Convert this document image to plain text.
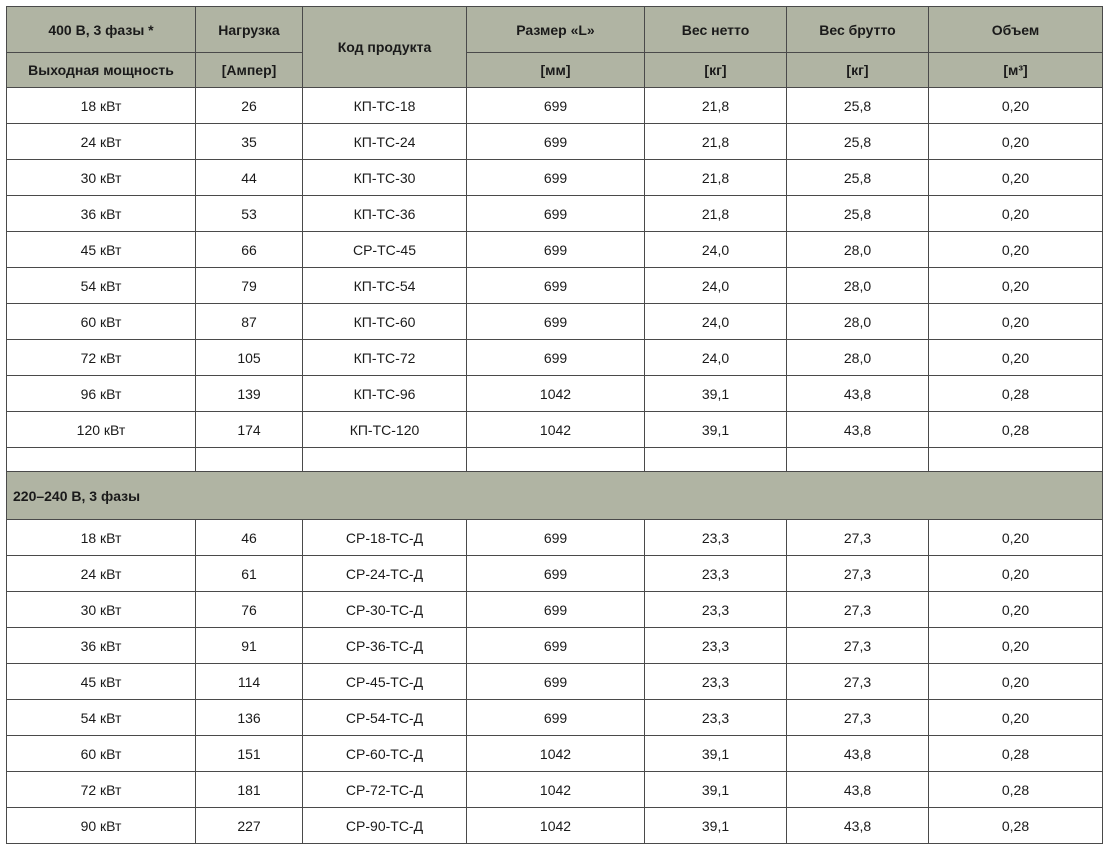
400 В, 3 фазы *	Нагрузка	Код продукта	Размер «L»	Вес нетто	Вес брутто	Объем
Выходная мощность	[Ампер]		[мм]	[кг]	[кг]	[м³]
18 кВт	26	КП-ТС-18	699	21,8	25,8	0,20
24 кВт	35	КП-ТС-24	699	21,8	25,8	0,20
30 кВт	44	КП-ТС-30	699	21,8	25,8	0,20
36 кВт	53	КП-ТС-36	699	21,8	25,8	0,20
45 кВт	66	СР-ТС-45	699	24,0	28,0	0,20
54 кВт	79	КП-ТС-54	699	24,0	28,0	0,20
60 кВт	87	КП-ТС-60	699	24,0	28,0	0,20
72 кВт	105	КП-ТС-72	699	24,0	28,0	0,20
96 кВт	139	КП-ТС-96	1042	39,1	43,8	0,28
120 кВт	174	КП-ТС-120	1042	39,1	43,8	0,28

220–240 В, 3 фазы						
18 кВт	46	СР-18-ТС-Д	699	23,3	27,3	0,20
24 кВт	61	СР-24-ТС-Д	699	23,3	27,3	0,20
30 кВт	76	СР-30-ТС-Д	699	23,3	27,3	0,20
36 кВт	91	СР-36-ТС-Д	699	23,3	27,3	0,20
45 кВт	114	СР-45-ТС-Д	699	23,3	27,3	0,20
54 кВт	136	СР-54-ТС-Д	699	23,3	27,3	0,20
60 кВт	151	СР-60-ТС-Д	1042	39,1	43,8	0,28
72 кВт	181	СР-72-ТС-Д	1042	39,1	43,8	0,28
90 кВт	227	СР-90-ТС-Д	1042	39,1	43,8	0,28
